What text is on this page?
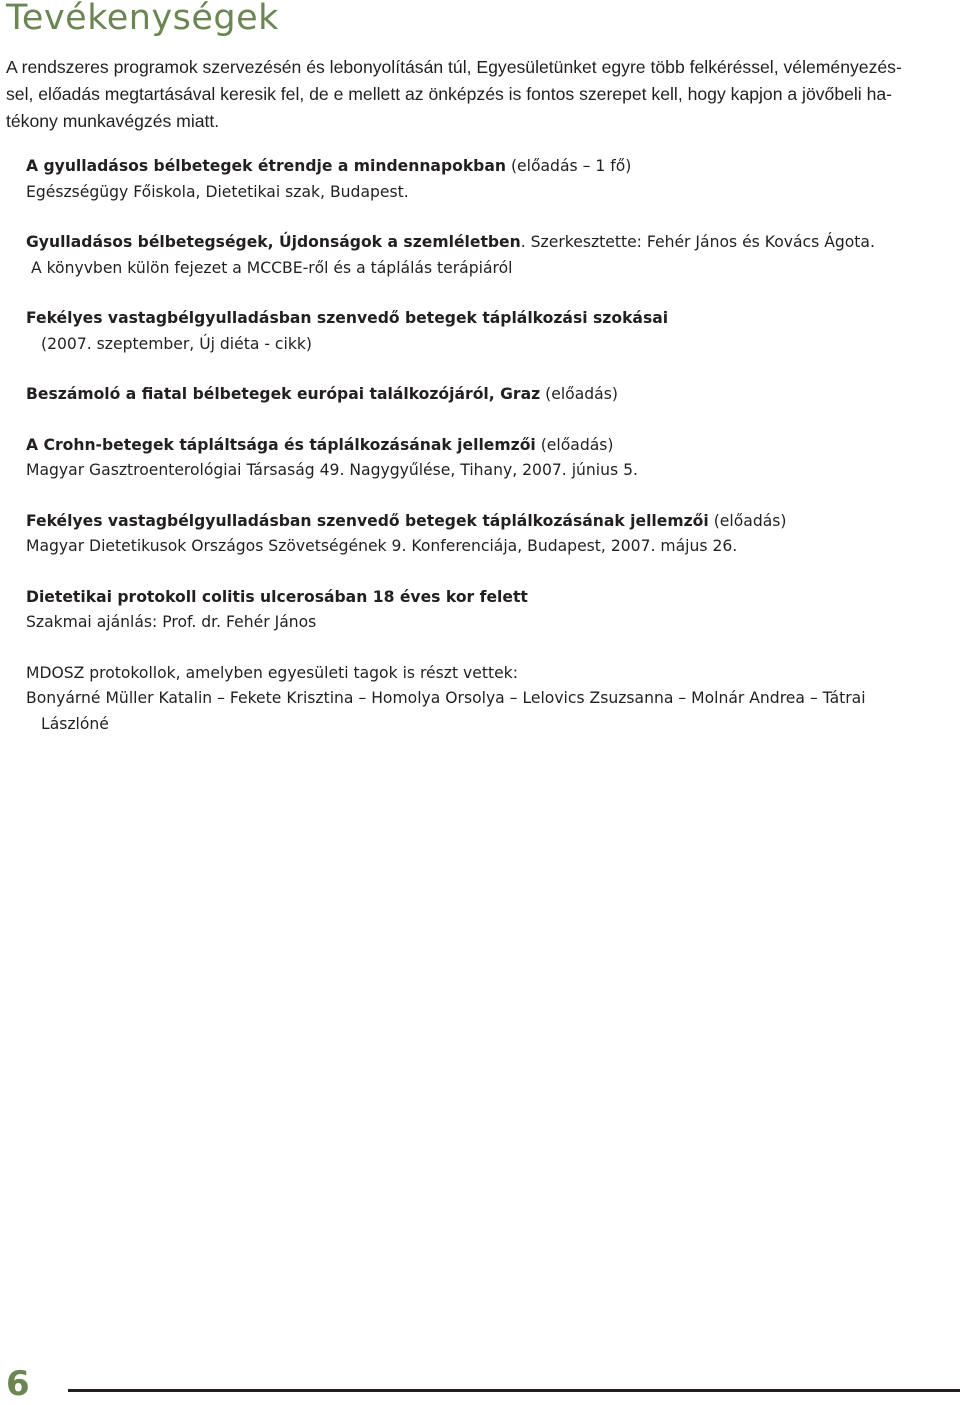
Tevékenységek

A rendszeres programok szervezésén és lebonyolításán túl, Egyesületünket egyre több felkéréssel, véleményezés-
sel, előadás megtartásával keresik fel, de e mellett az önképzés is fontos szerepet kell, hogy kapjon a jövőbeli ha-
tékony munkavégzés miatt.

A gyulladásos bélbetegek étrendje a mindennapokban (előadás – 1 fő)
Egészségügy Főiskola, Dietetikai szak, Budapest.
Gyulladásos bélbetegségek, Újdonságok a szemléletben. Szerkesztette: Fehér János és Kovács Ágota.
A könyvben külön fejezet a MCCBE-ről és a táplálás terápiáról
Fekélyes vastagbélgyulladásban szenvedő betegek táplálkozási szokásai
(2007. szeptember, Új diéta - cikk)
Beszámoló a fiatal bélbetegek európai találkozójáról, Graz (előadás)
A Crohn-betegek tápláltsága és táplálkozásának jellemzői (előadás)
Magyar Gasztroenterológiai Társaság 49. Nagygyűlése, Tihany, 2007. június 5.
Fekélyes vastagbélgyulladásban szenvedő betegek táplálkozásának jellemzői (előadás)
Magyar Dietetikusok Országos Szövetségének 9. Konferenciája, Budapest, 2007. május 26.
Dietetikai protokoll colitis ulcerosában 18 éves kor felett
Szakmai ajánlás: Prof. dr. Fehér János
MDOSZ protokollok, amelyben egyesületi tagok is részt vettek:
Bonyárné Müller Katalin – Fekete Krisztina – Homolya Orsolya – Lelovics Zsuzsanna – Molnár Andrea – Tátrai
Lászlóné
6
